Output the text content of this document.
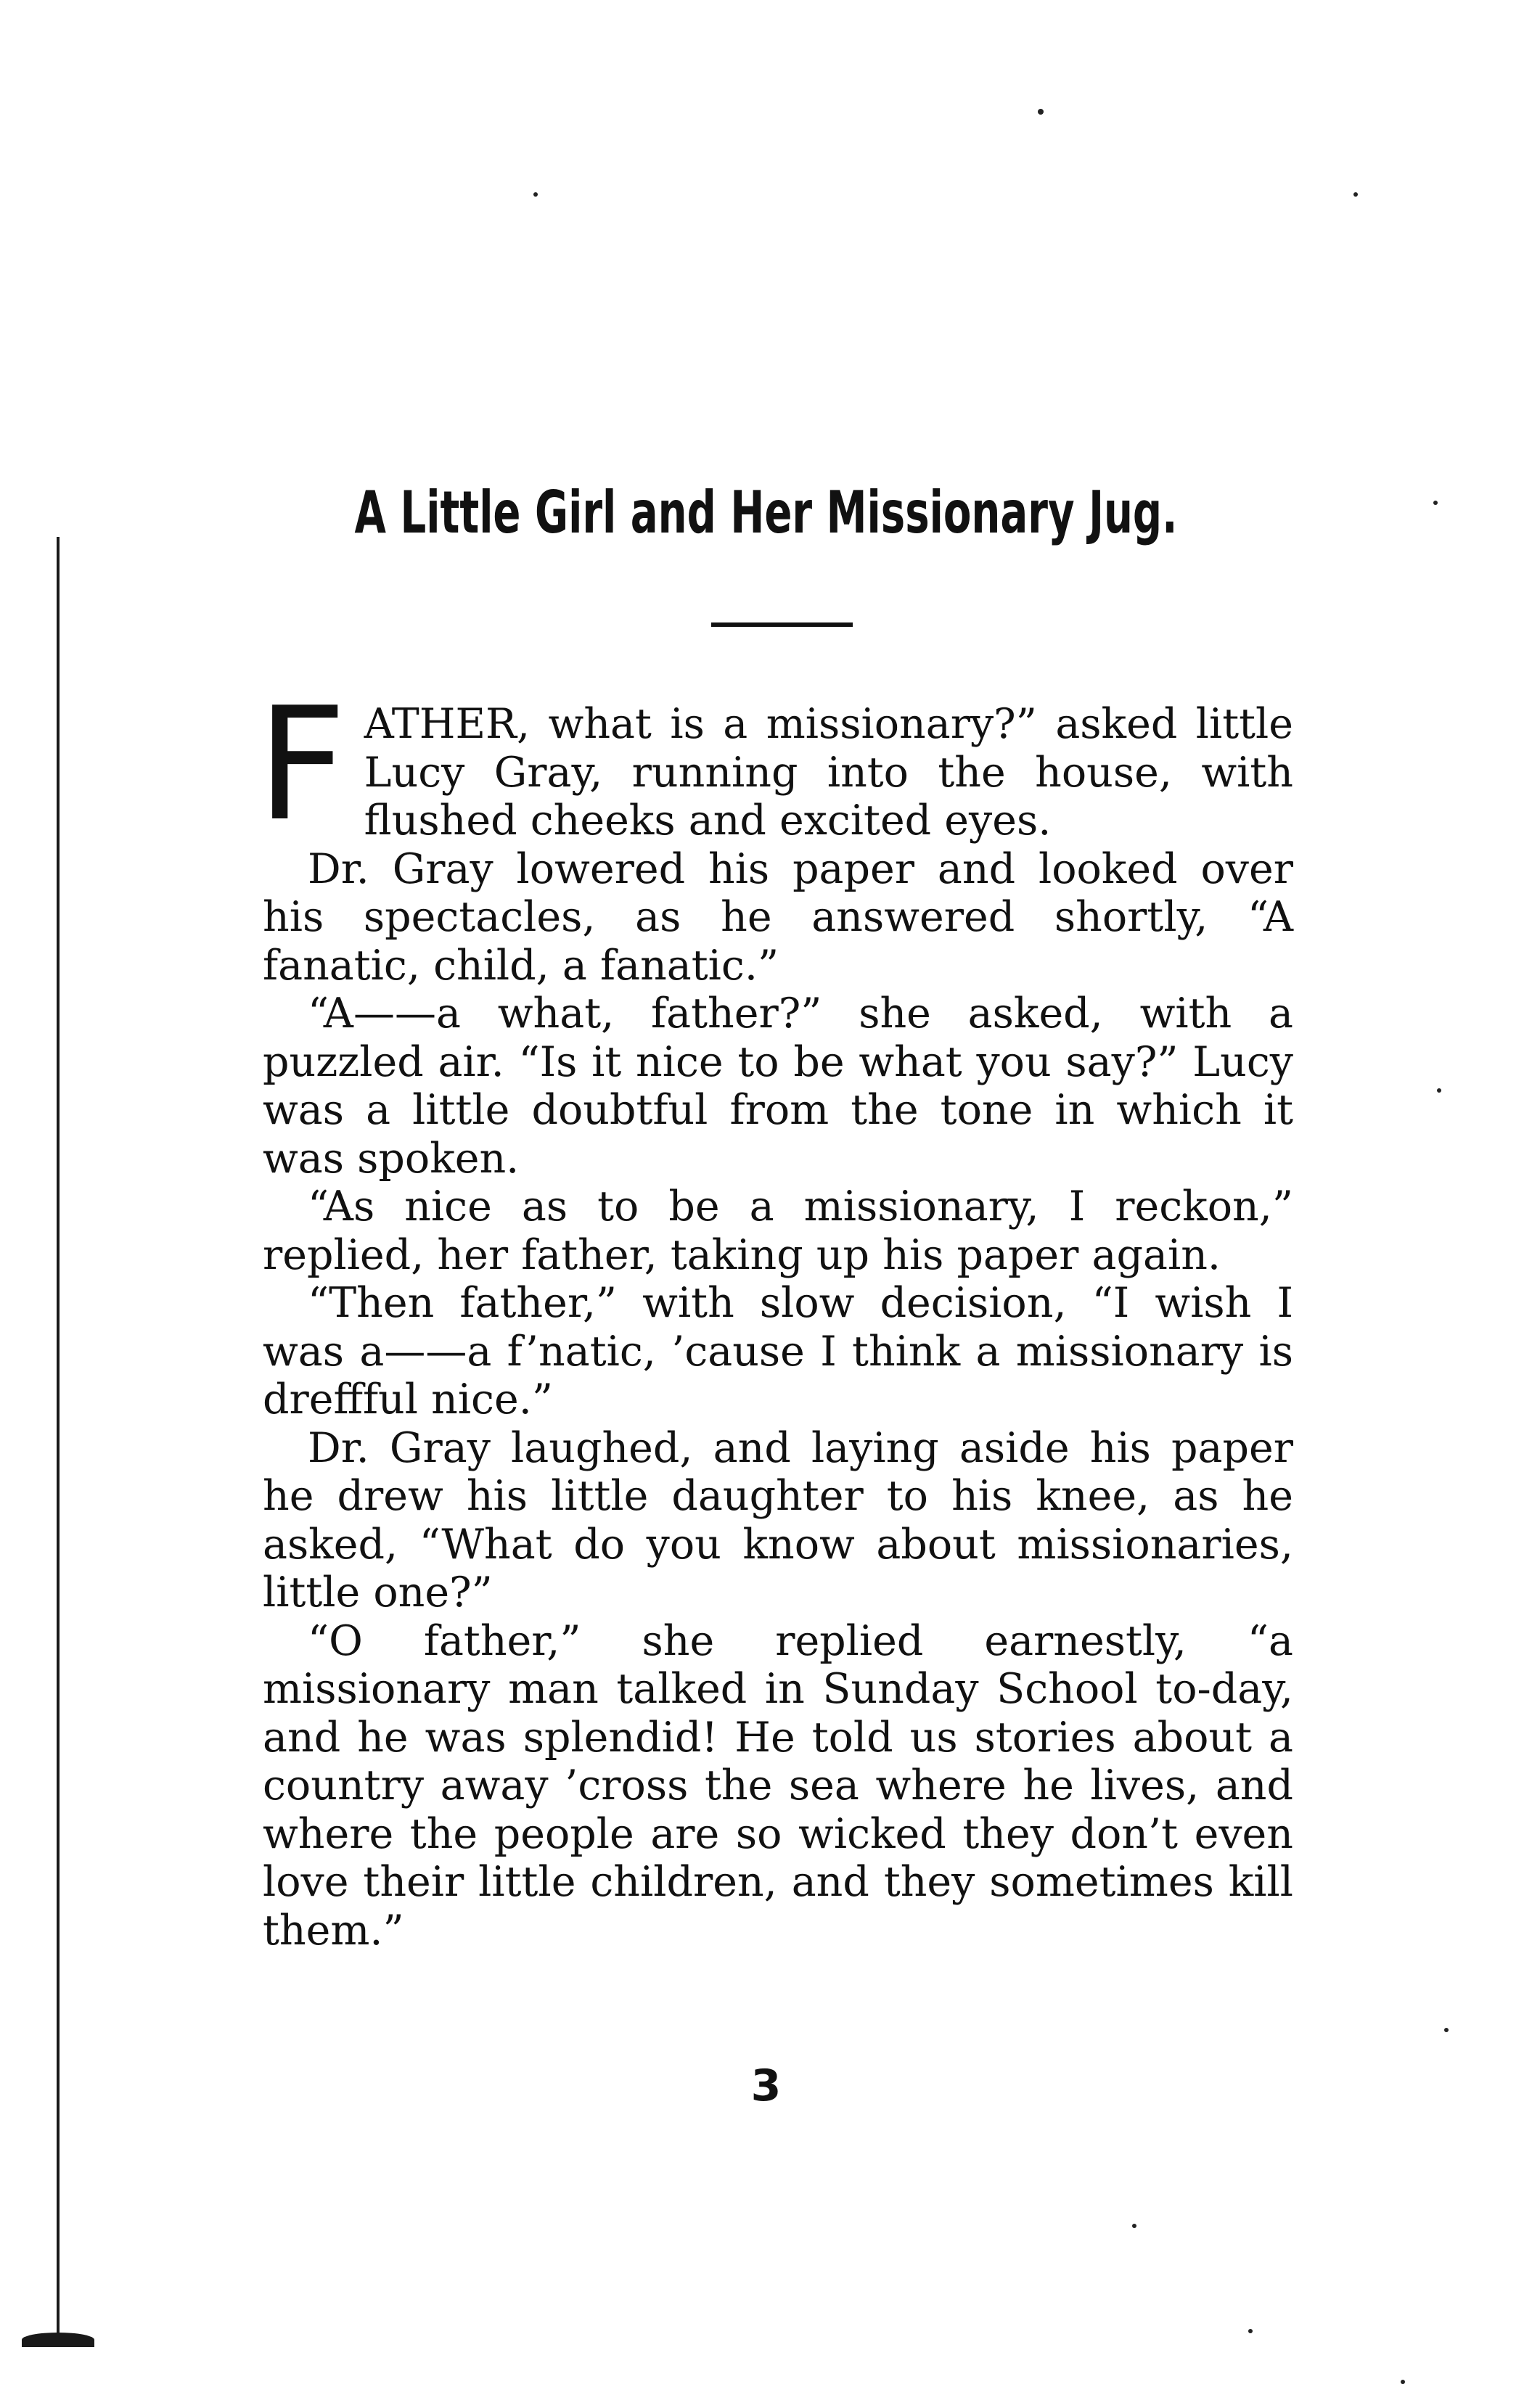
A Little Girl and Her Missionary Jug.

FATHER, what is a missionary?” asked little Lucy Gray, running into the house, with flushed cheeks and excited eyes.

Dr. Gray lowered his paper and looked over his spectacles, as he answered shortly, “A fanatic, child, a fanatic.”

“A——a what, father?” she asked, with a puzzled air. “Is it nice to be what you say?” Lucy was a little doubtful from the tone in which it was spoken.

“As nice as to be a missionary, I reckon,” replied, her father, taking up his paper again.

“Then father,” with slow decision, “I wish I was a——a f’natic, ’cause I think a missionary is dreffful nice.”

Dr. Gray laughed, and laying aside his paper he drew his little daughter to his knee, as he asked, “What do you know about missionaries, little one?”

“O father,” she replied earnestly, “a missionary man talked in Sunday School to-day, and he was splendid! He told us stories about a country away ’cross the sea where he lives, and where the people are so wicked they don’t even love their little children, and they sometimes kill them.”

3
